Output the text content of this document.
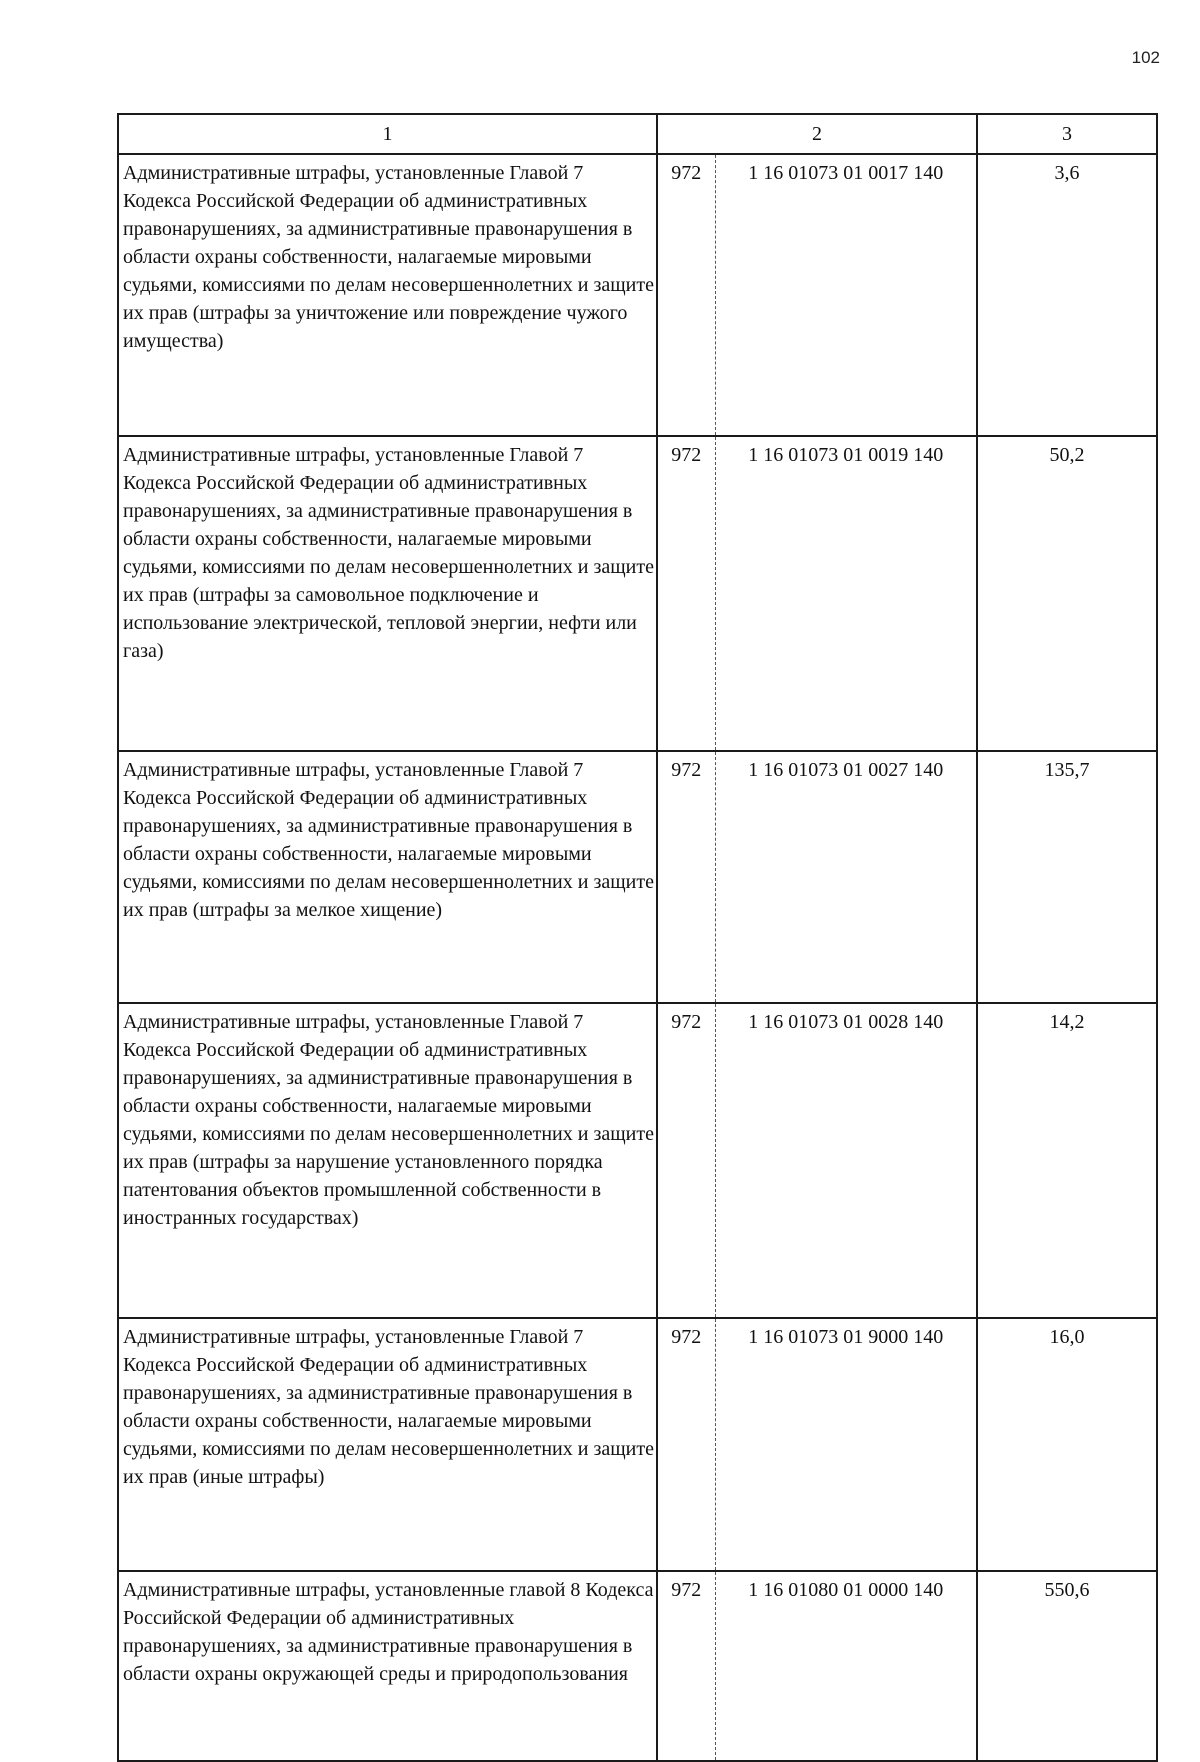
102
1	2		3
Административные штрафы, установленные Главой 7 Кодекса Российской Федерации об административных правонарушениях, за административные правонарушения в области охраны собственности, налагаемые мировыми судьями, комиссиями по делам несовершеннолетних и защите их прав (штрафы за уничтожение или повреждение чужого имущества)	972	1 16 01073 01 0017 140	3,6
Административные штрафы, установленные Главой 7 Кодекса Российской Федерации об административных правонарушениях, за административные правонарушения в области охраны собственности, налагаемые мировыми судьями, комиссиями по делам несовершеннолетних и защите их прав (штрафы за самовольное подключение и использование электрической, тепловой энергии, нефти или газа)	972	1 16 01073 01 0019 140	50,2
Административные штрафы, установленные Главой 7 Кодекса Российской Федерации об административных правонарушениях, за административные правонарушения в области охраны собственности, налагаемые мировыми судьями, комиссиями по делам несовершеннолетних и защите их прав (штрафы за мелкое хищение)	972	1 16 01073 01 0027 140	135,7
Административные штрафы, установленные Главой 7 Кодекса Российской Федерации об административных правонарушениях, за административные правонарушения в области охраны собственности, налагаемые мировыми судьями, комиссиями по делам несовершеннолетних и защите их прав (штрафы за нарушение установленного порядка патентования объектов промышленной собственности в иностранных государствах)	972	1 16 01073 01 0028 140	14,2
Административные штрафы, установленные Главой 7 Кодекса Российской Федерации об административных правонарушениях, за административные правонарушения в области охраны собственности, налагаемые мировыми судьями, комиссиями по делам несовершеннолетних и защите их прав (иные штрафы)	972	1 16 01073 01 9000 140	16,0
Административные штрафы, установленные главой 8 Кодекса Российской Федерации об административных правонарушениях, за административные правонарушения в области охраны окружающей среды и природопользования	972	1 16 01080 01 0000 140	550,6
